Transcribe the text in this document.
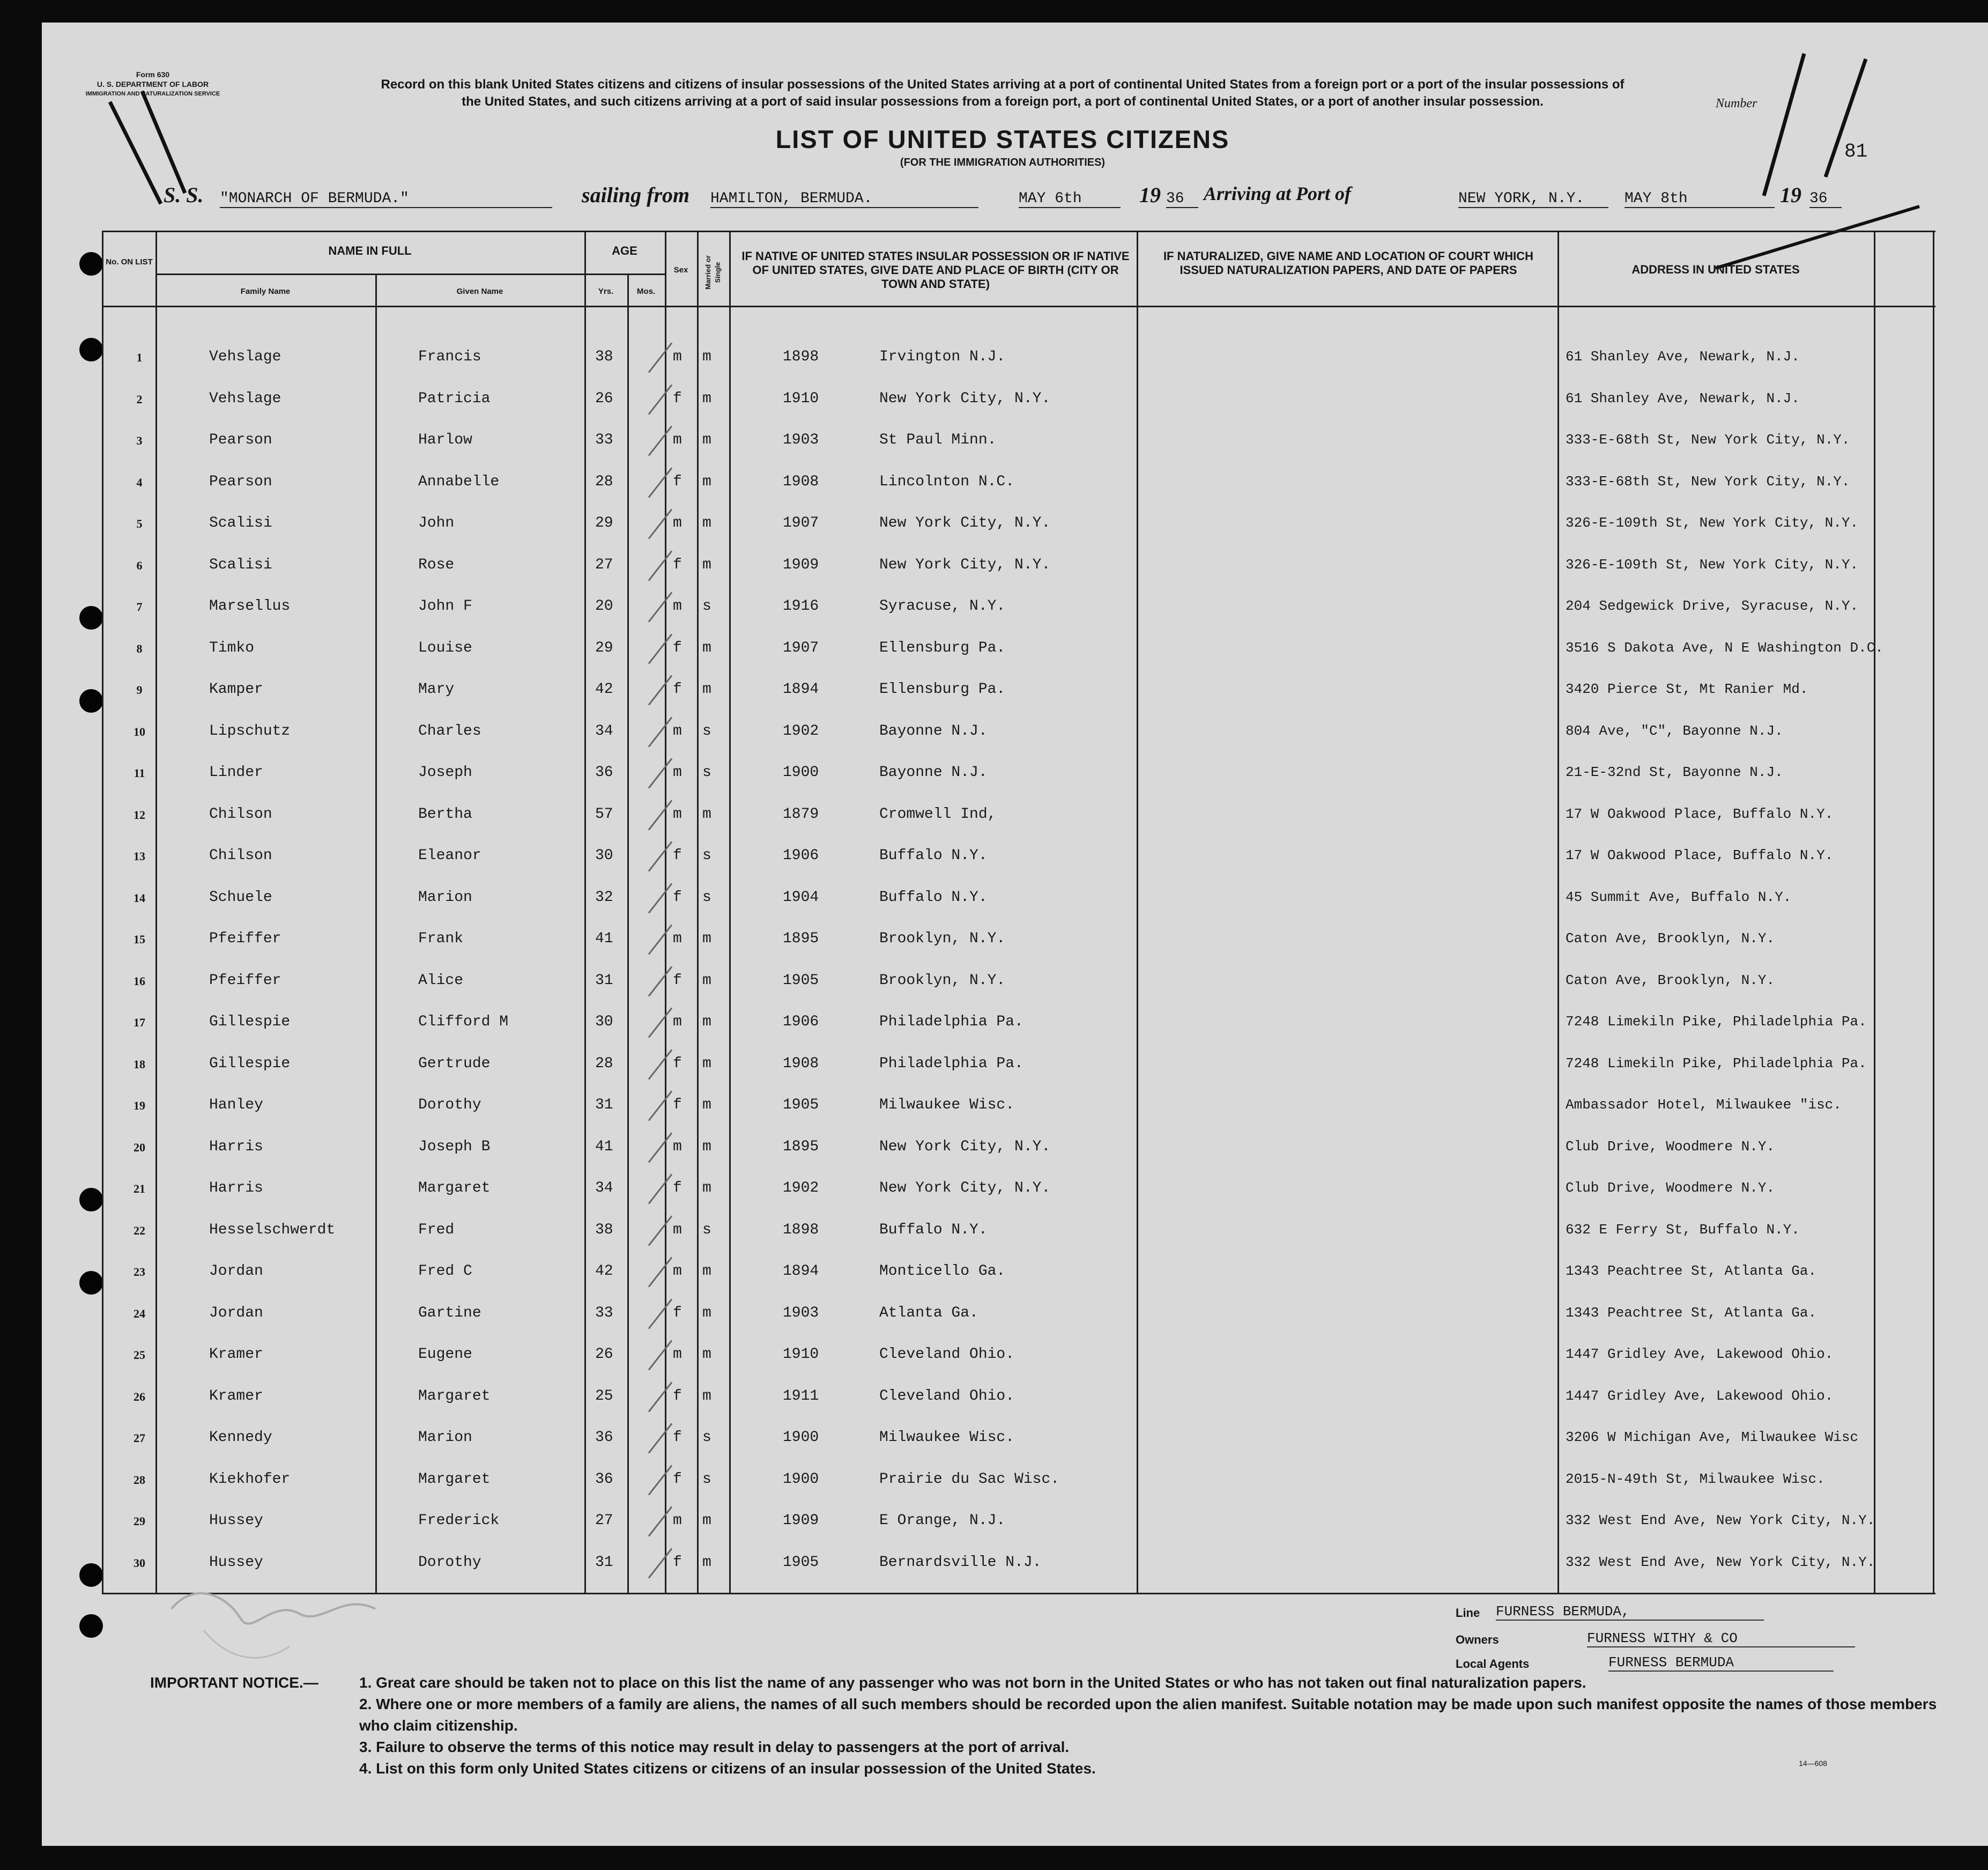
Form 630
U. S. DEPARTMENT OF LABOR
IMMIGRATION AND NATURALIZATION SERVICE
Record on this blank United States citizens and citizens of insular possessions of the United States arriving at a port of continental United States from a foreign port or a port of the insular possessions of the United States, and such citizens arriving at a port of said insular possessions from a foreign port, a port of continental United States, or a port of another insular possession.
LIST OF UNITED STATES CITIZENS
(FOR THE IMMIGRATION AUTHORITIES)
Number
81
S. S. "MONARCH OF BERMUDA."	sailing from HAMILTON, BERMUDA.	MAY 6th	19 36	Arriving at Port of	NEW YORK, N.Y.	MAY 8th	19 36
No. ON LIST
NAME IN FULL
Family Name	Given Name
AGE
Yrs.	Mos.
Sex	Married or Single
IF NATIVE OF UNITED STATES INSULAR POSSESSION OR IF NATIVE OF UNITED STATES, GIVE DATE AND PLACE OF BIRTH (CITY OR TOWN AND STATE)
IF NATURALIZED, GIVE NAME AND LOCATION OF COURT WHICH ISSUED NATURALIZATION PAPERS, AND DATE OF PAPERS	ADDRESS IN UNITED STATES
1	Vehslage	Francis	38	m m	1898	Irvington N.J.	61 Shanley Ave, Newark, N.J.
2	Vehslage	Patricia	26	f m	1910	New York City, N.Y.	61 Shanley Ave, Newark, N.J.
3	Pearson	Harlow	33	m m	1903	St Paul Minn.	333-E-68th St, New York City, N.Y.
4	Pearson	Annabelle	28	f m	1908	Lincolnton N.C.	333-E-68th St, New York City, N.Y.
5	Scalisi	John	29	m m	1907	New York City, N.Y.	326-E-109th St, New York City, N.Y.
6	Scalisi	Rose	27	f m	1909	New York City, N.Y.	326-E-109th St, New York City, N.Y.
7	Marsellus	John F	20	m s	1916	Syracuse, N.Y.	204 Sedgewick Drive, Syracuse, N.Y.
8	Timko	Louise	29	f m	1907	Ellensburg Pa.	3516 S Dakota Ave, N E Washington D.C.
9	Kamper	Mary	42	f m	1894	Ellensburg Pa.	3420 Pierce St, Mt Ranier Md.
10	Lipschutz	Charles	34	m s	1902	Bayonne N.J.	804 Ave, "C", Bayonne N.J.
11	Linder	Joseph	36	m s	1900	Bayonne N.J.	21-E-32nd St, Bayonne N.J.
12	Chilson	Bertha	57	m m	1879	Cromwell Ind,	17 W Oakwood Place, Buffalo N.Y.
13	Chilson	Eleanor	30	f s	1906	Buffalo N.Y.	17 W Oakwood Place, Buffalo N.Y.
14	Schuele	Marion	32	f s	1904	Buffalo N.Y.	45 Summit Ave, Buffalo N.Y.
15	Pfeiffer	Frank	41	m m	1895	Brooklyn, N.Y.	Caton Ave, Brooklyn, N.Y.
16	Pfeiffer	Alice	31	f m	1905	Brooklyn, N.Y.	Caton Ave, Brooklyn, N.Y.
17	Gillespie	Clifford M	30	m m	1906	Philadelphia Pa.	7248 Limekiln Pike, Philadelphia Pa.
18	Gillespie	Gertrude	28	f m	1908	Philadelphia Pa.	7248 Limekiln Pike, Philadelphia Pa.
19	Hanley	Dorothy	31	f m	1905	Milwaukee Wisc.	Ambassador Hotel, Milwaukee "isc.
20	Harris	Joseph B	41	m m	1895	New York City, N.Y.	Club Drive, Woodmere N.Y.
21	Harris	Margaret	34	f m	1902	New York City, N.Y.	Club Drive, Woodmere N.Y.
22	Hesselschwerdt	Fred	38	m s	1898	Buffalo N.Y.	632 E Ferry St, Buffalo N.Y.
23	Jordan	Fred C	42	m m	1894	Monticello Ga.	1343 Peachtree St, Atlanta Ga.
24	Jordan	Gartine	33	f m	1903	Atlanta Ga.	1343 Peachtree St, Atlanta Ga.
25	Kramer	Eugene	26	m m	1910	Cleveland Ohio.	1447 Gridley Ave, Lakewood Ohio.
26	Kramer	Margaret	25	f m	1911	Cleveland Ohio.	1447 Gridley Ave, Lakewood Ohio.
27	Kennedy	Marion	36	f s	1900	Milwaukee Wisc.	3206 W Michigan Ave, Milwaukee Wisc
28	Kiekhofer	Margaret	36	f s	1900	Prairie du Sac Wisc.	2015-N-49th St, Milwaukee Wisc.
29	Hussey	Frederick	27	m m	1909	E Orange, N.J.	332 West End Ave, New York City, N.Y.
30	Hussey	Dorothy	31	f m	1905	Bernardsville N.J.	332 West End Ave, New York City, N.Y.
Line FURNESS BERMUDA,
Owners	FURNESS WITHY & CO
Local Agents	FURNESS BERMUDA
IMPORTANT NOTICE.—	1. Great care should be taken not to place on this list the name of any passenger who was not born in the United States or who has not taken out final naturalization papers.
2. Where one or more members of a family are aliens, the names of all such members should be recorded upon the alien manifest. Suitable notation may be made upon such manifest opposite the names of those members who claim citizenship.
3. Failure to observe the terms of this notice may result in delay to passengers at the port of arrival.
4. List on this form only United States citizens or citizens of an insular possession of the United States.	14—608
